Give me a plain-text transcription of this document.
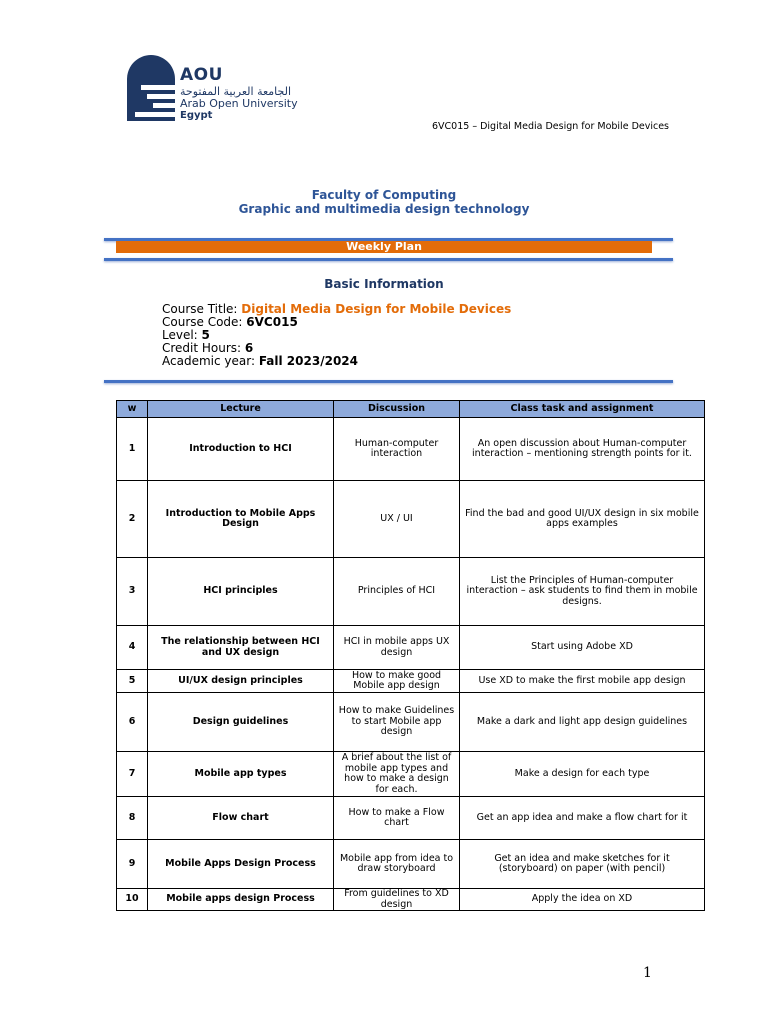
AOU
الجامعة العربية المفتوحة
Arab Open University
Egypt
6VC015 – Digital Media Design for Mobile Devices
Faculty of Computing
Graphic and multimedia design technology
Weekly Plan
Basic Information
Course Title: Digital Media Design for Mobile Devices
Course Code: 6VC015
Level: 5
Credit Hours: 6
Academic year: Fall 2023/2024
w	Lecture	Discussion	Class task and assignment
1	Introduction to HCI	Human-computer interaction	An open discussion about Human-computer interaction – mentioning strength points for it.
2	Introduction to Mobile Apps Design	UX / UI	Find the bad and good UI/UX design in six mobile apps examples
3	HCI principles	Principles of HCI	List the Principles of Human-computer interaction – ask students to find them in mobile designs.
4	The relationship between HCI and UX design	HCI in mobile apps UX design	Start using Adobe XD
5	UI/UX design principles	How to make good Mobile app design	Use XD to make the first mobile app design
6	Design guidelines	How to make Guidelines to start Mobile app design	Make a dark and light app design guidelines
7	Mobile app types	A brief about the list of mobile app types and how to make a design for each.	Make a design for each type
8	Flow chart	How to make a Flow chart	Get an app idea and make a flow chart for it
9	Mobile Apps Design Process	Mobile app from idea to draw storyboard	Get an idea and make sketches for it (storyboard) on paper (with pencil)
10	Mobile apps design Process	From guidelines to XD design	Apply the idea on XD
1
